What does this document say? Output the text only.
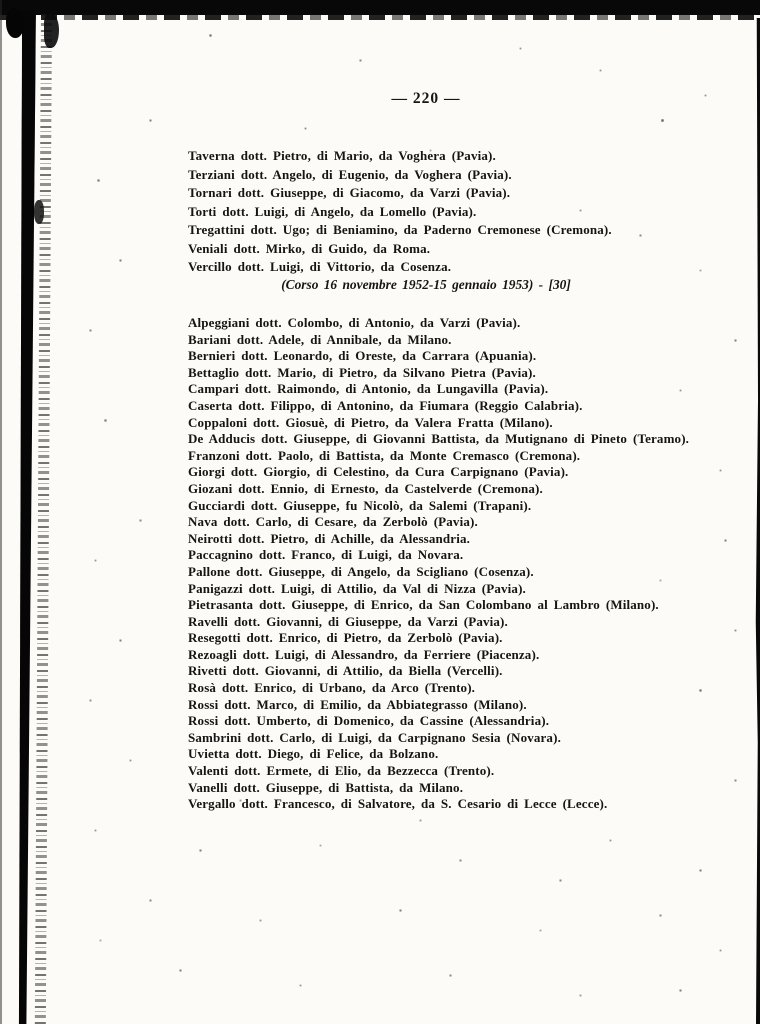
— 220 —
Taverna dott. Pietro, di Mario, da Voghera (Pavia).
Terziani dott. Angelo, di Eugenio, da Voghera (Pavia).
Tornari dott. Giuseppe, di Giacomo, da Varzi (Pavia).
Torti dott. Luigi, di Angelo, da Lomello (Pavia).
Tregattini dott. Ugo; di Beniamino, da Paderno Cremonese (Cremona).
Veniali dott. Mirko, di Guido, da Roma.
Vercillo dott. Luigi, di Vittorio, da Cosenza.
(Corso 16 novembre 1952-15 gennaio 1953) - [30]
Alpeggiani dott. Colombo, di Antonio, da Varzi (Pavia).
Bariani dott. Adele, di Annibale, da Milano.
Bernieri dott. Leonardo, di Oreste, da Carrara (Apuania).
Bettaglio dott. Mario, di Pietro, da Silvano Pietra (Pavia).
Campari dott. Raimondo, di Antonio, da Lungavilla (Pavia).
Caserta dott. Filippo, di Antonino, da Fiumara (Reggio Calabria).
Coppaloni dott. Giosuè, di Pietro, da Valera Fratta (Milano).
De Adducis dott. Giuseppe, di Giovanni Battista, da Mutignano di Pineto (Teramo).
Franzoni dott. Paolo, di Battista, da Monte Cremasco (Cremona).
Giorgi dott. Giorgio, di Celestino, da Cura Carpignano (Pavia).
Giozani dott. Ennio, di Ernesto, da Castelverde (Cremona).
Gucciardi dott. Giuseppe, fu Nicolò, da Salemi (Trapani).
Nava dott. Carlo, di Cesare, da Zerbolò (Pavia).
Neirotti dott. Pietro, di Achille, da Alessandria.
Paccagnino dott. Franco, di Luigi, da Novara.
Pallone dott. Giuseppe, di Angelo, da Scigliano (Cosenza).
Panigazzi dott. Luigi, di Attilio, da Val di Nizza (Pavia).
Pietrasanta dott. Giuseppe, di Enrico, da San Colombano al Lambro (Milano).
Ravelli dott. Giovanni, di Giuseppe, da Varzi (Pavia).
Resegotti dott. Enrico, di Pietro, da Zerbolò (Pavia).
Rezoagli dott. Luigi, di Alessandro, da Ferriere (Piacenza).
Rivetti dott. Giovanni, di Attilio, da Biella (Vercelli).
Rosà dott. Enrico, di Urbano, da Arco (Trento).
Rossi dott. Marco, di Emilio, da Abbiategrasso (Milano).
Rossi dott. Umberto, di Domenico, da Cassine (Alessandria).
Sambrini dott. Carlo, di Luigi, da Carpignano Sesia (Novara).
Uvietta dott. Diego, di Felice, da Bolzano.
Valenti dott. Ermete, di Elio, da Bezzecca (Trento).
Vanelli dott. Giuseppe, di Battista, da Milano.
Vergallo dott. Francesco, di Salvatore, da S. Cesario di Lecce (Lecce).
